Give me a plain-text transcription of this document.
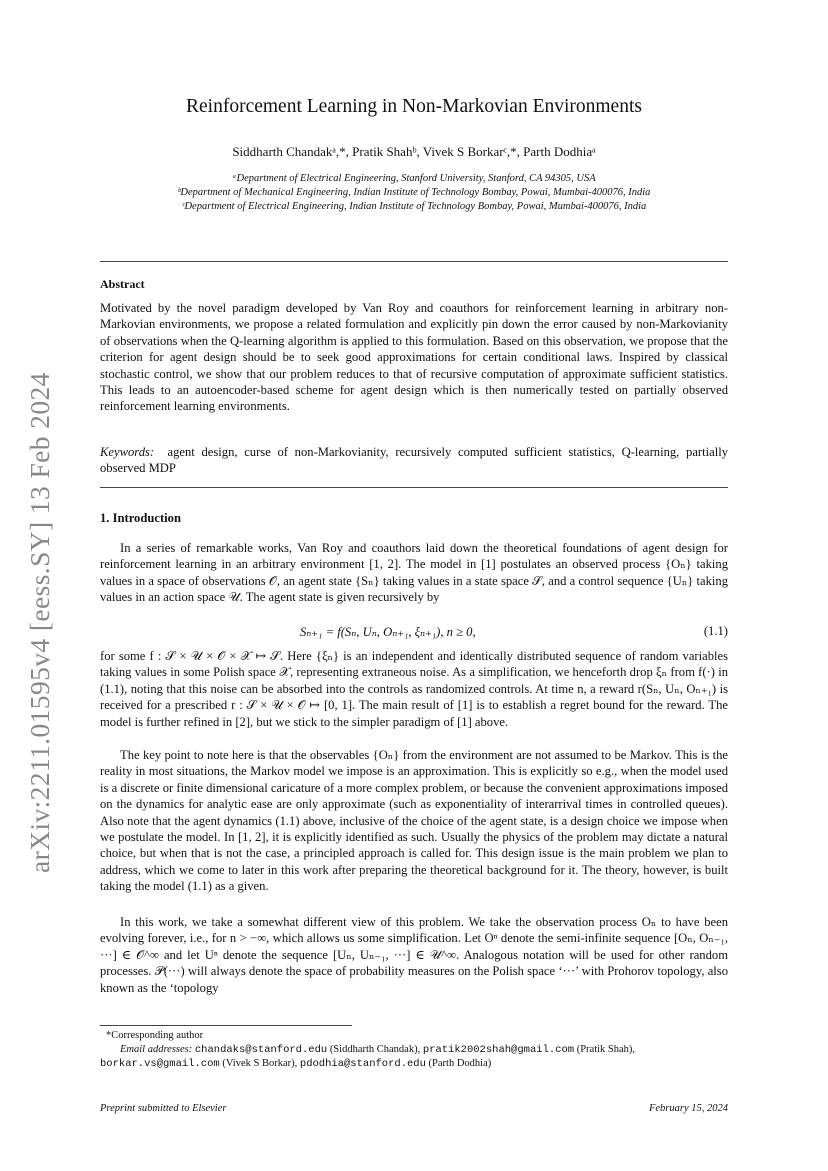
arXiv:2211.01595v4 [eess.SY] 13 Feb 2024
Reinforcement Learning in Non-Markovian Environments
Siddharth Chandakᵃ,*, Pratik Shahᵇ, Vivek S Borkarᶜ,*, Parth Dodhiaᵃ
ᵃDepartment of Electrical Engineering, Stanford University, Stanford, CA 94305, USA
ᵇDepartment of Mechanical Engineering, Indian Institute of Technology Bombay, Powai, Mumbai-400076, India
ᶜDepartment of Electrical Engineering, Indian Institute of Technology Bombay, Powai, Mumbai-400076, India
Abstract
Motivated by the novel paradigm developed by Van Roy and coauthors for reinforcement learning in arbitrary non-Markovian environments, we propose a related formulation and explicitly pin down the error caused by non-Markovianity of observations when the Q-learning algorithm is applied to this formulation. Based on this observation, we propose that the criterion for agent design should be to seek good approximations for certain conditional laws. Inspired by classical stochastic control, we show that our problem reduces to that of recursive computation of approximate sufficient statistics. This leads to an autoencoder-based scheme for agent design which is then numerically tested on partially observed reinforcement learning environments.
Keywords: agent design, curse of non-Markovianity, recursively computed sufficient statistics, Q-learning, partially observed MDP
1. Introduction
In a series of remarkable works, Van Roy and coauthors laid down the theoretical foundations of agent design for reinforcement learning in an arbitrary environment [1, 2]. The model in [1] postulates an observed process {Oₙ} taking values in a space of observations 𝒪, an agent state {Sₙ} taking values in a state space 𝒮, and a control sequence {Uₙ} taking values in an action space 𝒰. The agent state is given recursively by
Sₙ₊₁ = f(Sₙ, Uₙ, Oₙ₊₁, ξₙ₊₁), n ≥ 0,	(1.1)
for some f : 𝒮 × 𝒰 × 𝒪 × 𝒳 ↦ 𝒮. Here {ξₙ} is an independent and identically distributed sequence of random variables taking values in some Polish space 𝒳, representing extraneous noise. As a simplification, we henceforth drop ξₙ from f(·) in (1.1), noting that this noise can be absorbed into the controls as randomized controls. At time n, a reward r(Sₙ, Uₙ, Oₙ₊₁) is received for a prescribed r : 𝒮 × 𝒰 × 𝒪 ↦ [0, 1]. The main result of [1] is to establish a regret bound for the reward. The model is further refined in [2], but we stick to the simpler paradigm of [1] above.
The key point to note here is that the observables {Oₙ} from the environment are not assumed to be Markov. This is the reality in most situations, the Markov model we impose is an approximation. This is explicitly so e.g., when the model used is a discrete or finite dimensional caricature of a more complex problem, or because the convenient approximations imposed on the dynamics for analytic ease are only approximate (such as exponentiality of interarrival times in controlled queues). Also note that the agent dynamics (1.1) above, inclusive of the choice of the agent state, is a design choice we impose when we postulate the model. In [1, 2], it is explicitly identified as such. Usually the physics of the problem may dictate a natural choice, but when that is not the case, a principled approach is called for. This design issue is the main problem we plan to address, which we come to later in this work after preparing the theoretical background for it. The theory, however, is built taking the model (1.1) as a given.
In this work, we take a somewhat different view of this problem. We take the observation process Oₙ to have been evolving forever, i.e., for n > −∞, which allows us some simplification. Let Oⁿ denote the semi-infinite sequence [Oₙ, Oₙ₋₁, ···] ∈ 𝒪^∞ and let Uⁿ denote the sequence [Uₙ, Uₙ₋₁, ···] ∈ 𝒰^∞. Analogous notation will be used for other random processes. 𝒫(···) will always denote the space of probability measures on the Polish space ‘···’ with Prohorov topology, also known as the ‘topology
*Corresponding author
Email addresses: chandaks@stanford.edu (Siddharth Chandak), pratik2002shah@gmail.com (Pratik Shah), borkar.vs@gmail.com (Vivek S Borkar), pdodhia@stanford.edu (Parth Dodhia)
Preprint submitted to Elsevier	February 15, 2024
